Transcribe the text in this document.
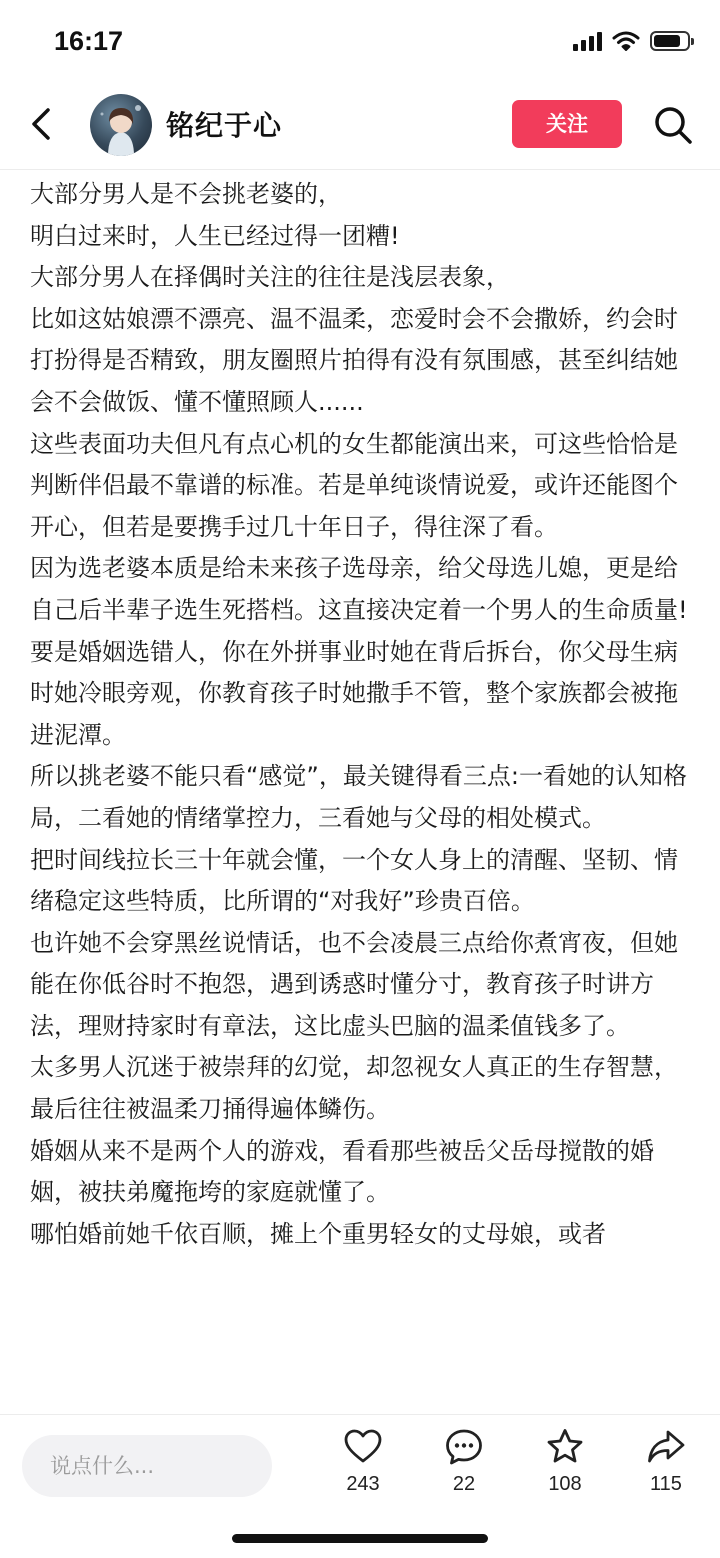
16:17
铭纪于心	关注

大部分男人是不会挑老婆的，

明白过来时，人生已经过得一团糟!

大部分男人在择偶时关注的往往是浅层表象，

比如这姑娘漂不漂亮、温不温柔，恋爱时会不会撒娇，约会时打扮得是否精致，朋友圈照片拍得有没有氛围感，甚至纠结她会不会做饭、懂不懂照顾人......

这些表面功夫但凡有点心机的女生都能演出来，可这些恰恰是判断伴侣最不靠谱的标准。若是单纯谈情说爱，或许还能图个开心，但若是要携手过几十年日子，得往深了看。

因为选老婆本质是给未来孩子选母亲，给父母选儿媳，更是给自己后半辈子选生死搭档。这直接决定着一个男人的生命质量!

要是婚姻选错人，你在外拼事业时她在背后拆台，你父母生病时她冷眼旁观，你教育孩子时她撒手不管，整个家族都会被拖进泥潭。

所以挑老婆不能只看“感觉”，最关键得看三点:一看她的认知格局，二看她的情绪掌控力，三看她与父母的相处模式。

把时间线拉长三十年就会懂，一个女人身上的清醒、坚韧、情绪稳定这些特质，比所谓的“对我好”珍贵百倍。

也许她不会穿黑丝说情话，也不会凌晨三点给你煮宵夜，但她能在你低谷时不抱怨，遇到诱惑时懂分寸，教育孩子时讲方法，理财持家时有章法，这比虚头巴脑的温柔值钱多了。

太多男人沉迷于被崇拜的幻觉，却忽视女人真正的生存智慧，最后往往被温柔刀捅得遍体鳞伤。

婚姻从来不是两个人的游戏，看看那些被岳父岳母搅散的婚姻，被扶弟魔拖垮的家庭就懂了。

哪怕婚前她千依百顺，摊上个重男轻女的丈母娘，或者

说点什么...
243	22	108	115
